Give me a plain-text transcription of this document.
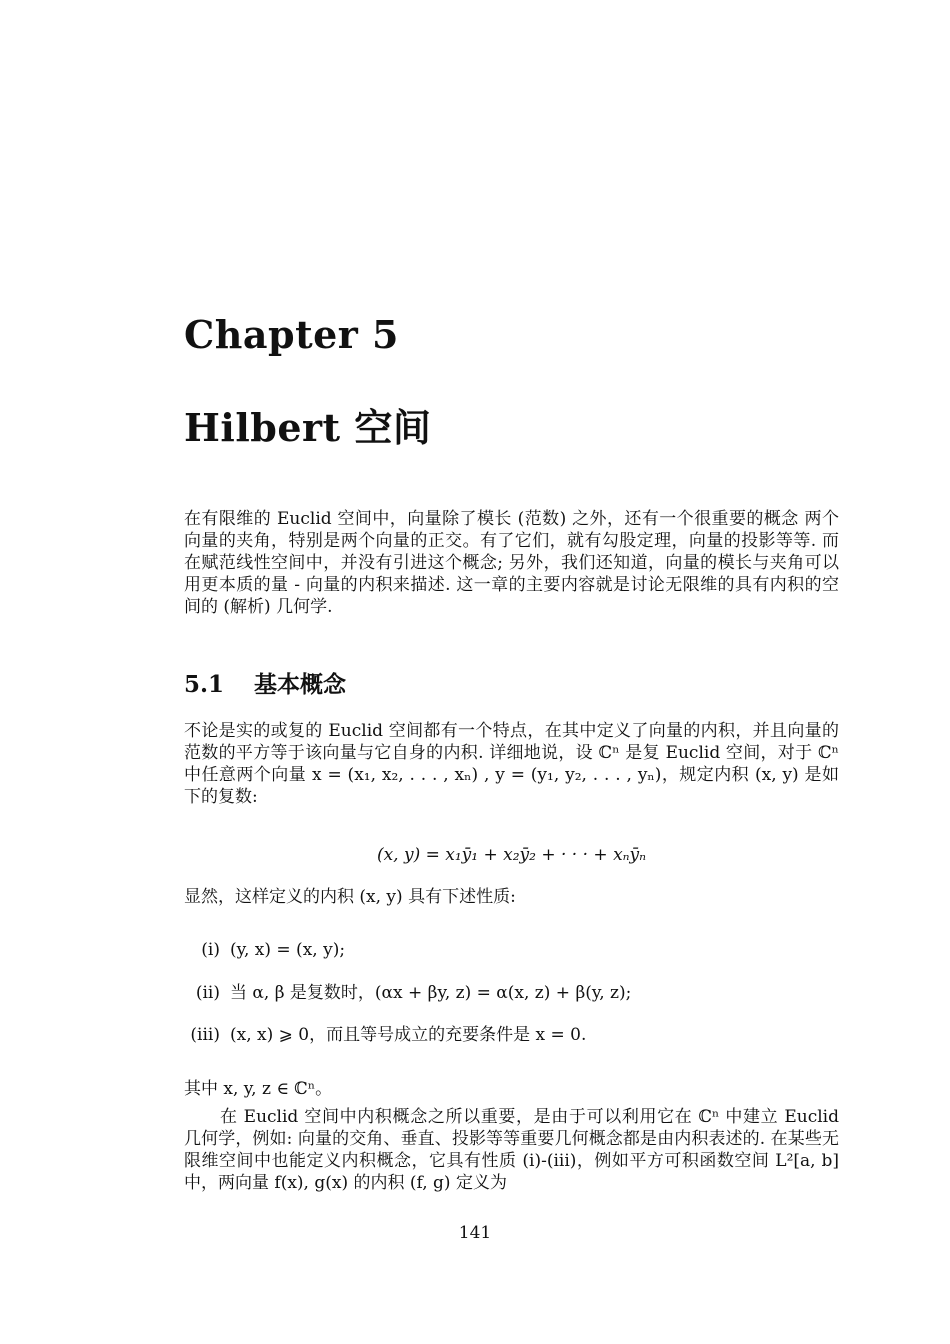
Chapter 5
Hilbert 空间

在有限维的 Euclid 空间中，向量除了模长 (范数) 之外，还有一个很重要的概念 两个向量的夹角，特别是两个向量的正交。有了它们，就有勾股定理，向量的投影等等. 而在赋范线性空间中，并没有引进这个概念; 另外，我们还知道，向量的模长与夹角可以用更本质的量 - 向量的内积来描述. 这一章的主要内容就是讨论无限维的具有内积的空间的 (解析) 几何学.

5.1 基本概念

不论是实的或复的 Euclid 空间都有一个特点，在其中定义了向量的内积，并且向量的范数的平方等于该向量与它自身的内积. 详细地说，设 ℂⁿ 是复 Euclid 空间，对于 ℂⁿ 中任意两个向量 x = (x₁, x₂, . . . , xₙ) , y = (y₁, y₂, . . . , yₙ)，规定内积 (x, y) 是如下的复数:

(x, y) = x₁ȳ₁ + x₂ȳ₂ + · · · + xₙȳₙ

显然，这样定义的内积 (x, y) 具有下述性质:

(i) (y, x) = (x, y);
(ii) 当 α, β 是复数时，(αx + βy, z) = α(x, z) + β(y, z);
(iii) (x, x) ⩾ 0，而且等号成立的充要条件是 x = 0.

其中 x, y, z ∈ ℂⁿ。

在 Euclid 空间中内积概念之所以重要，是由于可以利用它在 ℂⁿ 中建立 Euclid 几何学，例如: 向量的交角、垂直、投影等等重要几何概念都是由内积表述的. 在某些无限维空间中也能定义内积概念，它具有性质 (i)-(iii)，例如平方可积函数空间 L²[a, b] 中，两向量 f(x), g(x) 的内积 (f, g) 定义为

141
